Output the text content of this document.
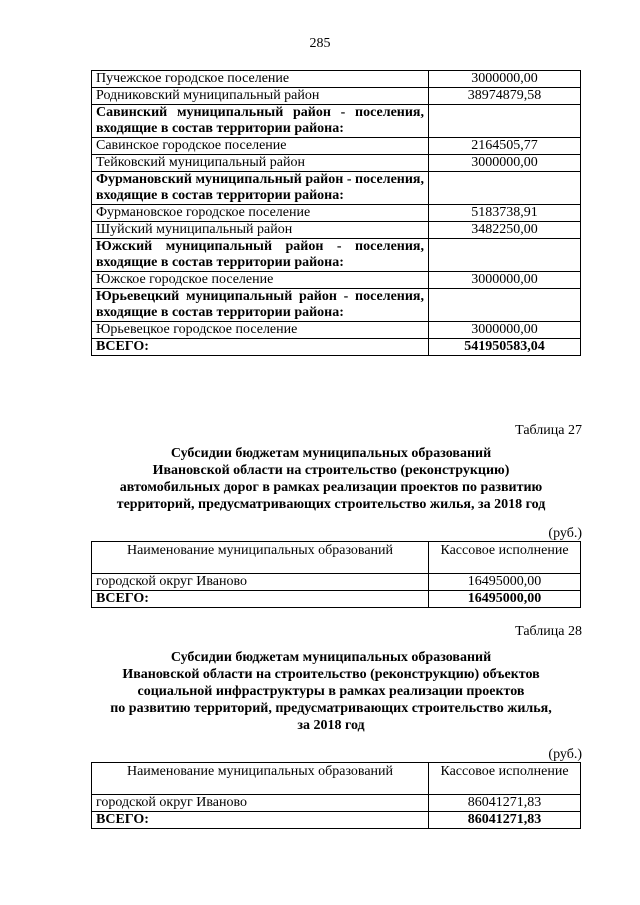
285
Пучежское городское поселение	3000000,00
Родниковский муниципальный район	38974879,58
Савинский муниципальный район - поселения, входящие в состав территории района:	
Савинское городское поселение	2164505,77
Тейковский муниципальный район	3000000,00
Фурмановский муниципальный район - поселения, входящие в состав территории района:	
Фурмановское городское поселение	5183738,91
Шуйский муниципальный район	3482250,00
Южский муниципальный район - поселения, входящие в состав территории района:	
Южское городское поселение	3000000,00
Юрьевецкий муниципальный район - поселения, входящие в состав территории района:	
Юрьевецкое городское поселение	3000000,00
ВСЕГО:	541950583,04
Таблица 27
Субсидии бюджетам муниципальных образований
Ивановской области на строительство (реконструкцию)
автомобильных дорог в рамках реализации проектов по развитию
территорий, предусматривающих строительство жилья, за 2018 год
(руб.)
Наименование муниципальных образований	Кассовое исполнение
городской округ Иваново	16495000,00
ВСЕГО:	16495000,00
Таблица 28
Субсидии бюджетам муниципальных образований
Ивановской области на строительство (реконструкцию) объектов
социальной инфраструктуры в рамках реализации проектов
по развитию территорий, предусматривающих строительство жилья,
за 2018 год
(руб.)
Наименование муниципальных образований	Кассовое исполнение
городской округ Иваново	86041271,83
ВСЕГО:	86041271,83
